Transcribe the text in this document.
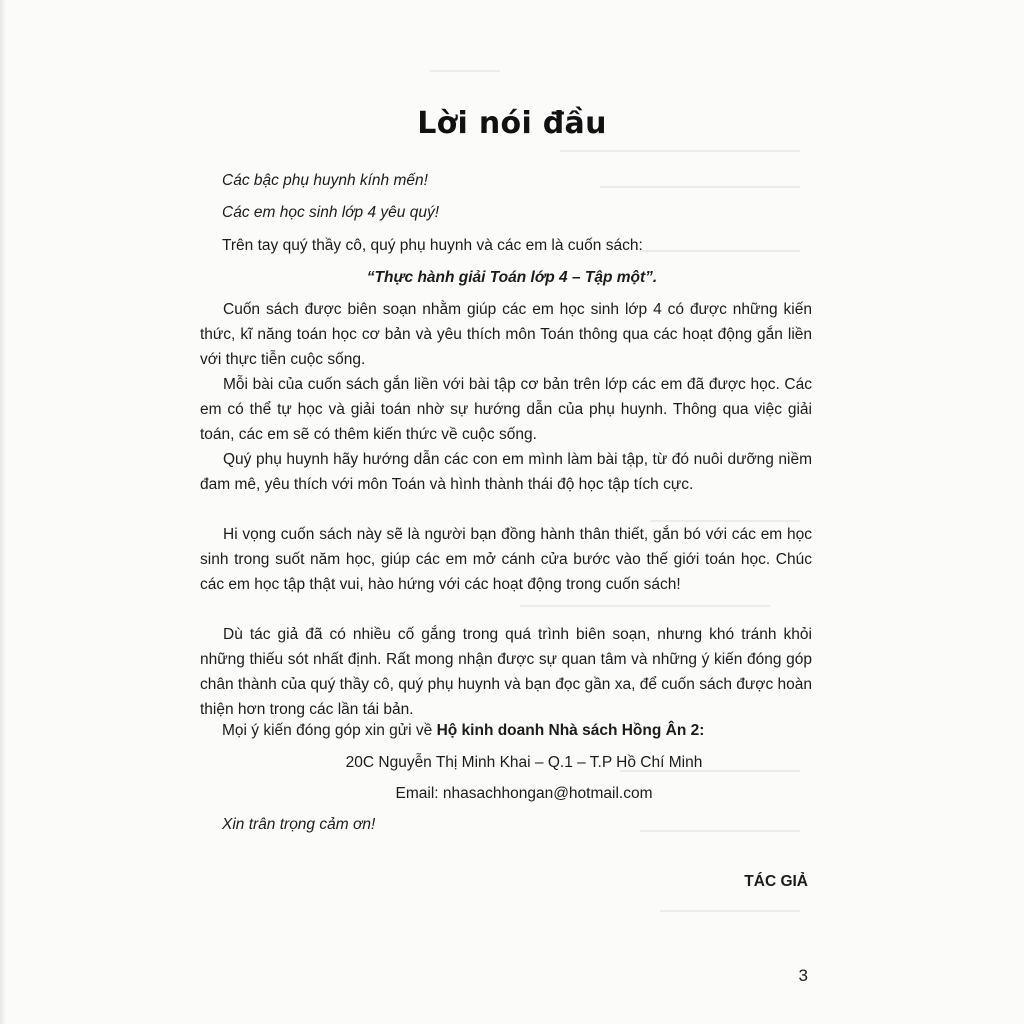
Lời nói đầu
Các bậc phụ huynh kính mến!
Các em học sinh lớp 4 yêu quý!
Trên tay quý thầy cô, quý phụ huynh và các em là cuốn sách:
“Thực hành giải Toán lớp 4 – Tập một”.

Cuốn sách được biên soạn nhằm giúp các em học sinh lớp 4 có được những kiến thức, kĩ năng toán học cơ bản và yêu thích môn Toán thông qua các hoạt động gắn liền với thực tiễn cuộc sống.

Mỗi bài của cuốn sách gắn liền với bài tập cơ bản trên lớp các em đã được học. Các em có thể tự học và giải toán nhờ sự hướng dẫn của phụ huynh. Thông qua việc giải toán, các em sẽ có thêm kiến thức về cuộc sống.

Quý phụ huynh hãy hướng dẫn các con em mình làm bài tập, từ đó nuôi dưỡng niềm đam mê, yêu thích với môn Toán và hình thành thái độ học tập tích cực.

Hi vọng cuốn sách này sẽ là người bạn đồng hành thân thiết, gắn bó với các em học sinh trong suốt năm học, giúp các em mở cánh cửa bước vào thế giới toán học. Chúc các em học tập thật vui, hào hứng với các hoạt động trong cuốn sách!

Dù tác giả đã có nhiều cố gắng trong quá trình biên soạn, nhưng khó tránh khỏi những thiếu sót nhất định. Rất mong nhận được sự quan tâm và những ý kiến đóng góp chân thành của quý thầy cô, quý phụ huynh và bạn đọc gần xa, để cuốn sách được hoàn thiện hơn trong các lần tái bản.

Mọi ý kiến đóng góp xin gửi về Hộ kinh doanh Nhà sách Hồng Ân 2:
20C Nguyễn Thị Minh Khai – Q.1 – T.P Hồ Chí Minh
Email: nhasachhongan@hotmail.com
Xin trân trọng cảm ơn!
TÁC GIẢ
3
